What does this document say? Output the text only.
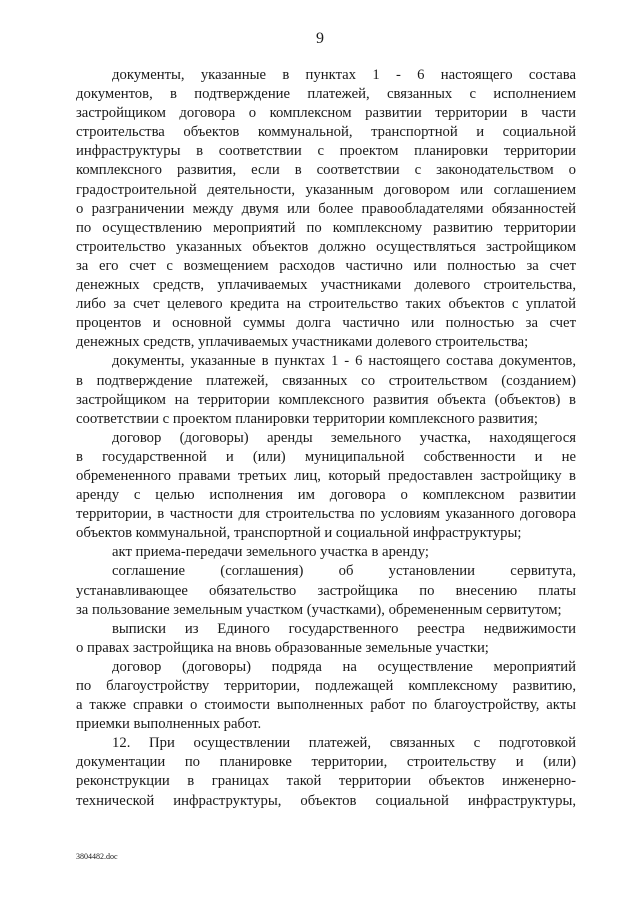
9
документы, указанные в пунктах 1 - 6 настоящего состава
документов, в подтверждение платежей, связанных с исполнением
застройщиком договора о комплексном развитии территории в части
строительства объектов коммунальной, транспортной и социальной
инфраструктуры в соответствии с проектом планировки территории
комплексного развития, если в соответствии с законодательством о
градостроительной деятельности, указанным договором или соглашением
о разграничении между двумя или более правообладателями обязанностей
по осуществлению мероприятий по комплексному развитию территории
строительство указанных объектов должно осуществляться застройщиком
за его счет с возмещением расходов частично или полностью за счет
денежных средств, уплачиваемых участниками долевого строительства,
либо за счет целевого кредита на строительство таких объектов с уплатой
процентов и основной суммы долга частично или полностью за счет
денежных средств, уплачиваемых участниками долевого строительства;
документы, указанные в пунктах 1 - 6 настоящего состава документов,
в подтверждение платежей, связанных со строительством (созданием)
застройщиком на территории комплексного развития объекта (объектов) в
соответствии с проектом планировки территории комплексного развития;
договор (договоры) аренды земельного участка, находящегося
в государственной и (или) муниципальной собственности и не
обремененного правами третьих лиц, который предоставлен застройщику в
аренду с целью исполнения им договора о комплексном развитии
территории, в частности для строительства по условиям указанного договора
объектов коммунальной, транспортной и социальной инфраструктуры;
акт приема-передачи земельного участка в аренду;
соглашение (соглашения) об установлении сервитута,
устанавливающее обязательство застройщика по внесению платы
за пользование земельным участком (участками), обремененным сервитутом;
выписки из Единого государственного реестра недвижимости
о правах застройщика на вновь образованные земельные участки;
договор (договоры) подряда на осуществление мероприятий
по благоустройству территории, подлежащей комплексному развитию,
а также справки о стоимости выполненных работ по благоустройству, акты
приемки выполненных работ.
12. При осуществлении платежей, связанных с подготовкой
документации по планировке территории, строительству и (или)
реконструкции в границах такой территории объектов инженерно-
технической инфраструктуры, объектов социальной инфраструктуры,
3804482.doc
